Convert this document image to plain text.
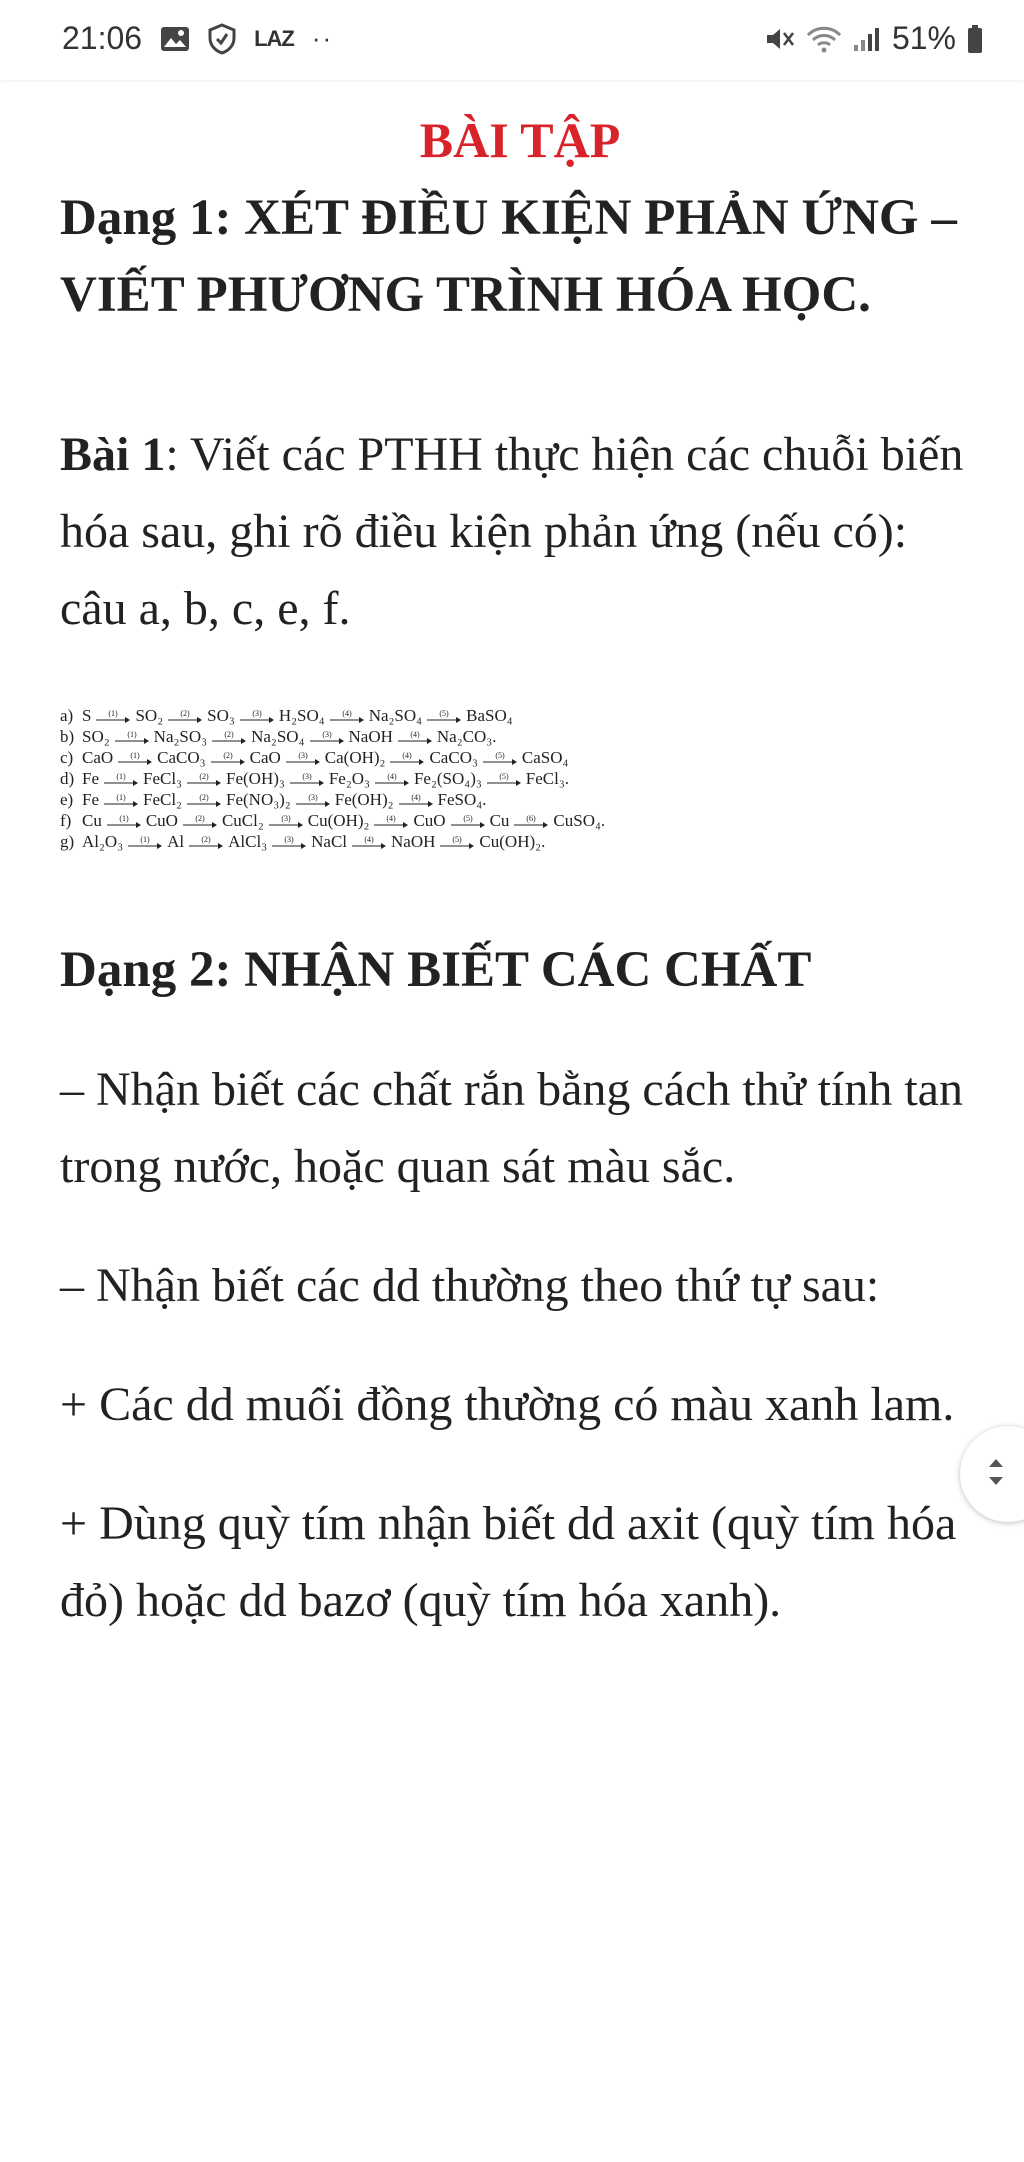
21:06	LAZ ··	51%

BÀI TẬP

Dạng 1: XÉT ĐIỀU KIỆN PHẢN ỨNG – VIẾT PHƯƠNG TRÌNH HÓA HỌC.

Bài 1: Viết các PTHH thực hiện các chuỗi biến hóa sau, ghi rõ điều kiện phản ứng (nếu có): câu a, b, c, e, f.

a) S (1) SO₂ (2) SO₃ (3) H₂SO₄ (4) Na₂SO₄ (5) BaSO₄
b) SO₂ (1) Na₂SO₃ (2) Na₂SO₄ (3) NaOH (4) Na₂CO₃.
c) CaO (1) CaCO₃ (2) CaO (3) Ca(OH)₂ (4) CaCO₃ (5) CaSO₄
d) Fe (1) FeCl₃ (2) Fe(OH)₃ (3) Fe₂O₃ (4) Fe₂(SO₄)₃ (5) FeCl₃.
e) Fe (1) FeCl₂ (2) Fe(NO₃)₂ (3) Fe(OH)₂ (4) FeSO₄.
f) Cu (1) CuO (2) CuCl₂ (3) Cu(OH)₂ (4) CuO (5) Cu (6) CuSO₄.
g) Al₂O₃ (1) Al (2) AlCl₃ (3) NaCl (4) NaOH (5) Cu(OH)₂.

Dạng 2: NHẬN BIẾT CÁC CHẤT

– Nhận biết các chất rắn bằng cách thử tính tan trong nước, hoặc quan sát màu sắc.

– Nhận biết các dd thường theo thứ tự sau:

+ Các dd muối đồng thường có màu xanh lam.

+ Dùng quỳ tím nhận biết dd axit (quỳ tím hóa đỏ) hoặc dd bazơ (quỳ tím hóa xanh).
